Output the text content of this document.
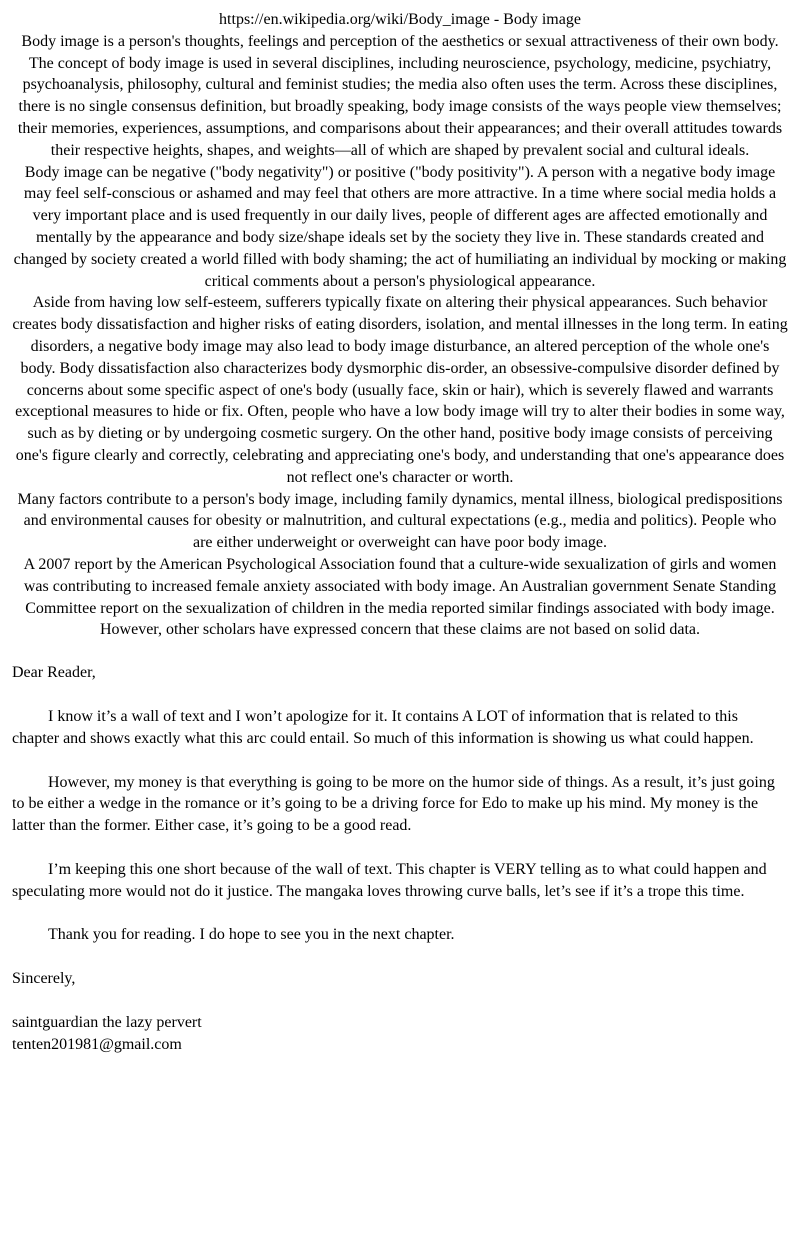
https://en.wikipedia.org/wiki/Body_image - Body image

Body image is a person's thoughts, feelings and perception of the aesthetics or sexual attractiveness of their own body. The concept of body image is used in several disciplines, including neuroscience, psychology, medicine, psychiatry, psychoanalysis, philosophy, cultural and feminist studies; the media also often uses the term. Across these disciplines, there is no single consensus definition, but broadly speaking, body image consists of the ways people view themselves; their memories, experiences, assumptions, and comparisons about their appearances; and their overall attitudes towards their respective heights, shapes, and weights—all of which are shaped by prevalent social and cultural ideals.

Body image can be negative ("body negativity") or positive ("body positivity"). A person with a negative body image may feel self-conscious or ashamed and may feel that others are more attractive. In a time where social media holds a very important place and is used frequently in our daily lives, people of different ages are affected emotionally and mentally by the appearance and body size/shape ideals set by the society they live in. These standards created and changed by society created a world filled with body shaming; the act of humiliating an individual by mocking or making critical comments about a person's physiological appearance.

Aside from having low self-esteem, sufferers typically fixate on altering their physical appearances. Such behavior creates body dissatisfaction and higher risks of eating disorders, isolation, and mental illnesses in the long term. In eating disorders, a negative body image may also lead to body image disturbance, an altered perception of the whole one's body. Body dissatisfaction also characterizes body dysmorphic dis-order, an obsessive-compulsive disorder defined by concerns about some specific aspect of one's body (usually face, skin or hair), which is severely flawed and warrants exceptional measures to hide or fix. Often, people who have a low body image will try to alter their bodies in some way, such as by dieting or by undergoing cosmetic surgery. On the other hand, positive body image consists of perceiving one's figure clearly and correctly, celebrating and appreciating one's body, and understanding that one's appearance does not reflect one's character or worth.

Many factors contribute to a person's body image, including family dynamics, mental illness, biological predispositions and environmental causes for obesity or malnutrition, and cultural expectations (e.g., media and politics). People who are either underweight or overweight can have poor body image.

A 2007 report by the American Psychological Association found that a culture-wide sexualization of girls and women was contributing to increased female anxiety associated with body image. An Australian government Senate Standing Committee report on the sexualization of children in the media reported similar findings associated with body image. However, other scholars have expressed concern that these claims are not based on solid data.

Dear Reader,

I know it’s a wall of text and I won’t apologize for it. It contains A LOT of information that is related to this chapter and shows exactly what this arc could entail. So much of this information is showing us what could happen.

However, my money is that everything is going to be more on the humor side of things. As a result, it’s just going to be either a wedge in the romance or it’s going to be a driving force for Edo to make up his mind. My money is the latter than the former. Either case, it’s going to be a good read.

I’m keeping this one short because of the wall of text. This chapter is VERY telling as to what could happen and speculating more would not do it justice. The mangaka loves throwing curve balls, let’s see if it’s a trope this time.

Thank you for reading. I do hope to see you in the next chapter.

Sincerely,

saintguardian the lazy pervert
tenten201981@gmail.com
